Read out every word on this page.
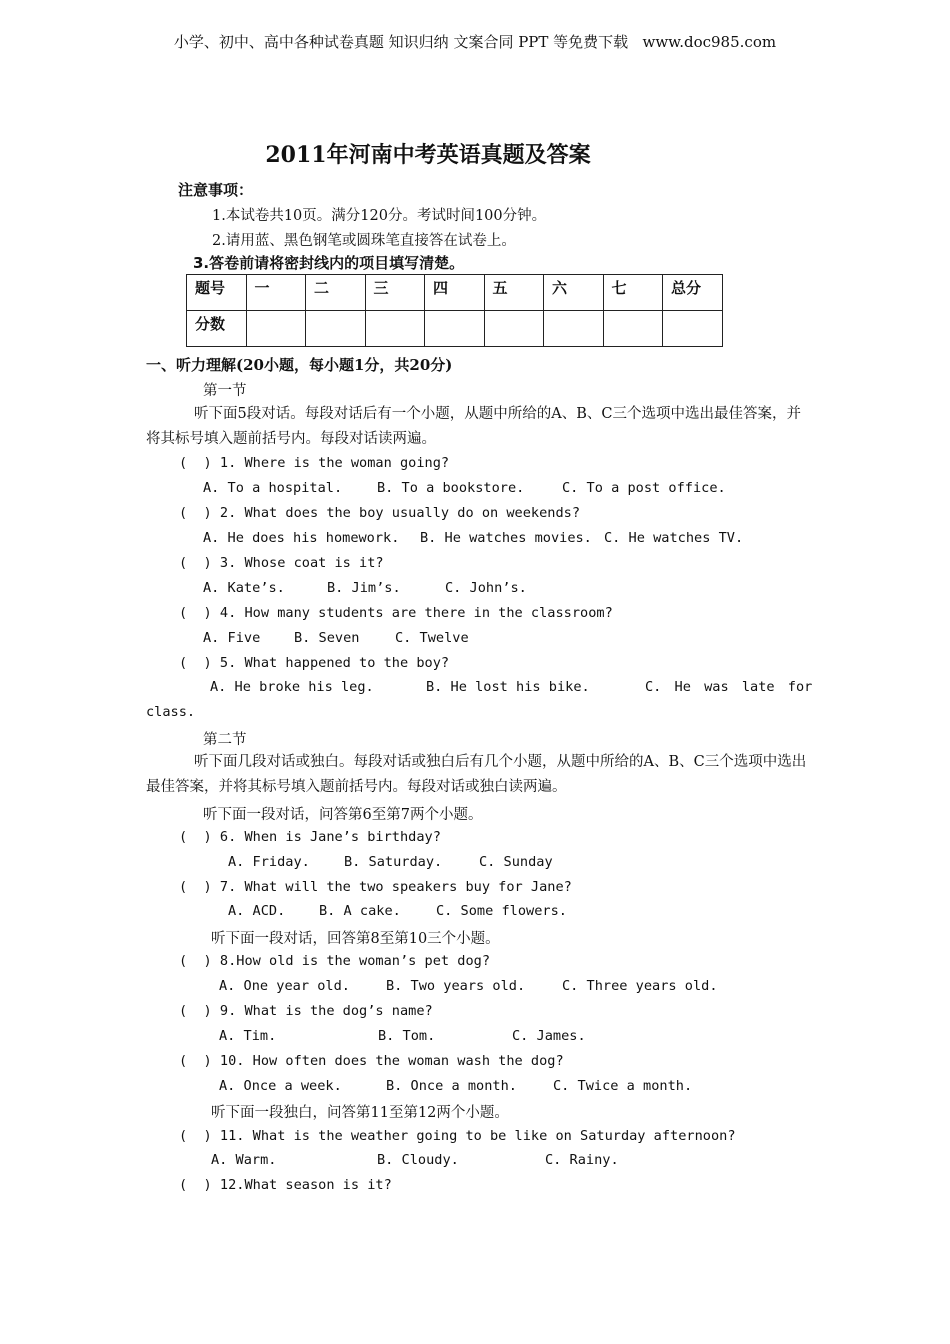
小学、初中、高中各种试卷真题 知识归纳 文案合同 PPT 等免费下载   www.doc985.com
2011年河南中考英语真题及答案
注意事项：
1.本试卷共10页。满分120分。考试时间100分钟。
2.请用蓝、黑色钢笔或圆珠笔直接答在试卷上。
3.答卷前请将密封线内的项目填写清楚。
题号	一	二	三	四	五	六	七	总分
分数								
一、听力理解(20小题，每小题1分，共20分)
第一节
听下面5段对话。每段对话后有一个小题，从题中所给的A、B、C三个选项中选出最佳答案，并将其标号填入题前括号内。每段对话读两遍。
(  ) 1. Where is the woman going?
A. To a hospital.	B. To a bookstore.	C. To a post office.
(  ) 2. What does the boy usually do on weekends?
A. He does his homework. B. He watches movies. C. He watches TV.
(  ) 3. Whose coat is it?
A. Kate’s.	B. Jim’s.	C. John’s.
(  ) 4. How many students are there in the classroom?
A. Five B. Seven	C. Twelve
(  ) 5. What happened to the boy?
A. He broke his leg.	B. He lost his bike.	C. He was late for
class.
第二节
听下面几段对话或独白。每段对话或独白后有几个小题，从题中所给的A、B、C三个选项中选出最佳答案，并将其标号填入题前括号内。每段对话或独白读两遍。
听下面一段对话，问答第6至第7两个小题。
(  ) 6. When is Jane’s birthday?
A. Friday.	B. Saturday.	C. Sunday
(  ) 7. What will the two speakers buy for Jane?
A. ACD. B. A cake.	C. Some flowers.
听下面一段对话，回答第8至第10三个小题。
(  ) 8.How old is the woman’s pet dog?
A. One year old.	B. Two years old.	C. Three years old.
(  ) 9. What is the dog’s name?
A. Tim.	B. Tom.	C. James.
(  ) 10. How often does the woman wash the dog?
A. Once a week.	B. Once a month.	C. Twice a month.
听下面一段独白，问答第11至第12两个小题。
(  ) 11. What is the weather going to be like on Saturday afternoon?
A. Warm.	B. Cloudy.	C. Rainy.
(  ) 12.What season is it?
